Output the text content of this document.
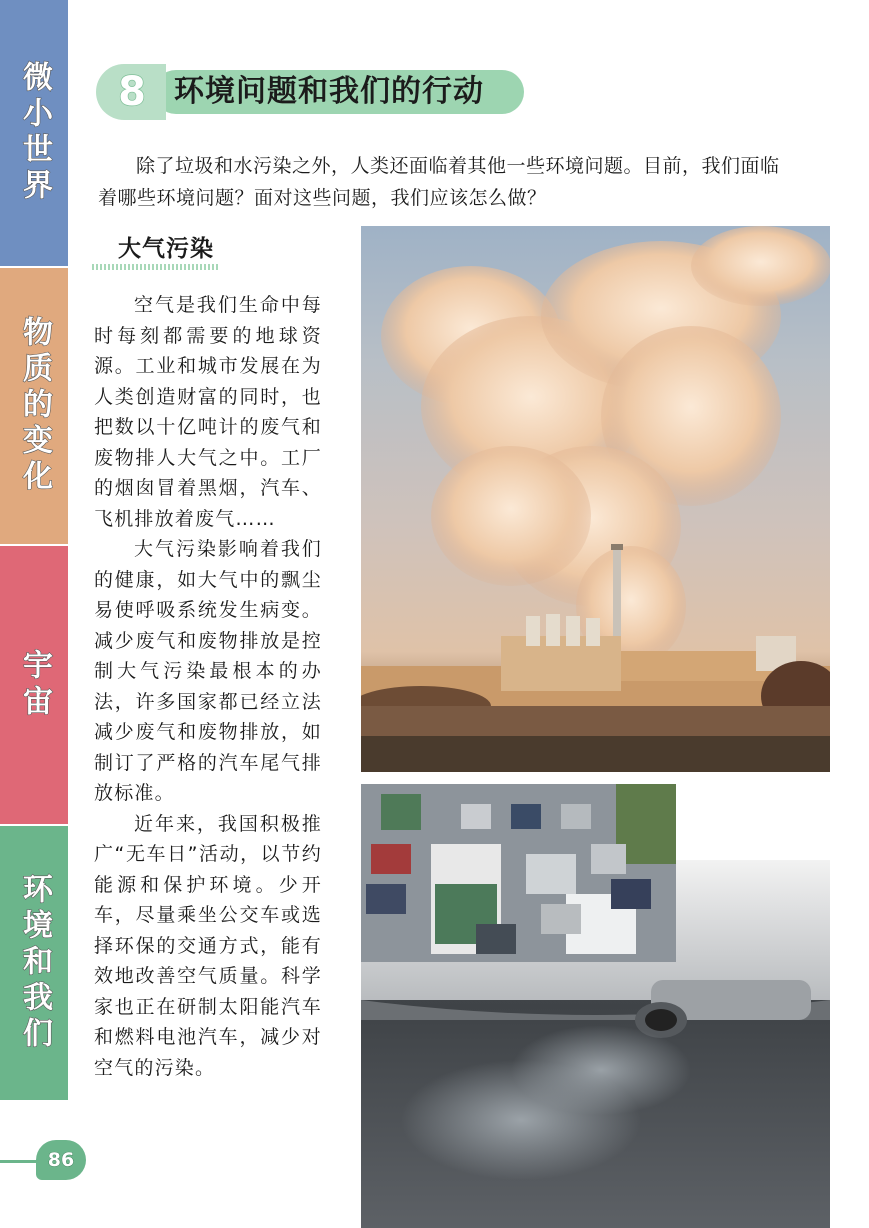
微小世界
物质的变化
宇宙
环境和我们
8 环境问题和我们的行动

除了垃圾和水污染之外，人类还面临着其他一些环境问题。目前，我们面临着哪些环境问题？面对这些问题，我们应该怎么做？

大气污染

空气是我们生命中每时每刻都需要的地球资源。工业和城市发展在为人类创造财富的同时，也把数以十亿吨计的废气和废物排人大气之中。工厂的烟囱冒着黑烟，汽车、飞机排放着废气……

大气污染影响着我们的健康，如大气中的飘尘易使呼吸系统发生病变。减少废气和废物排放是控制大气污染最根本的办法，许多国家都已经立法减少废气和废物排放，如制订了严格的汽车尾气排放标准。

近年来，我国积极推广“无车日”活动，以节约能源和保护环境。少开车，尽量乘坐公交车或选择环保的交通方式，能有效地改善空气质量。科学家也正在研制太阳能汽车和燃料电池汽车，减少对空气的污染。

86
